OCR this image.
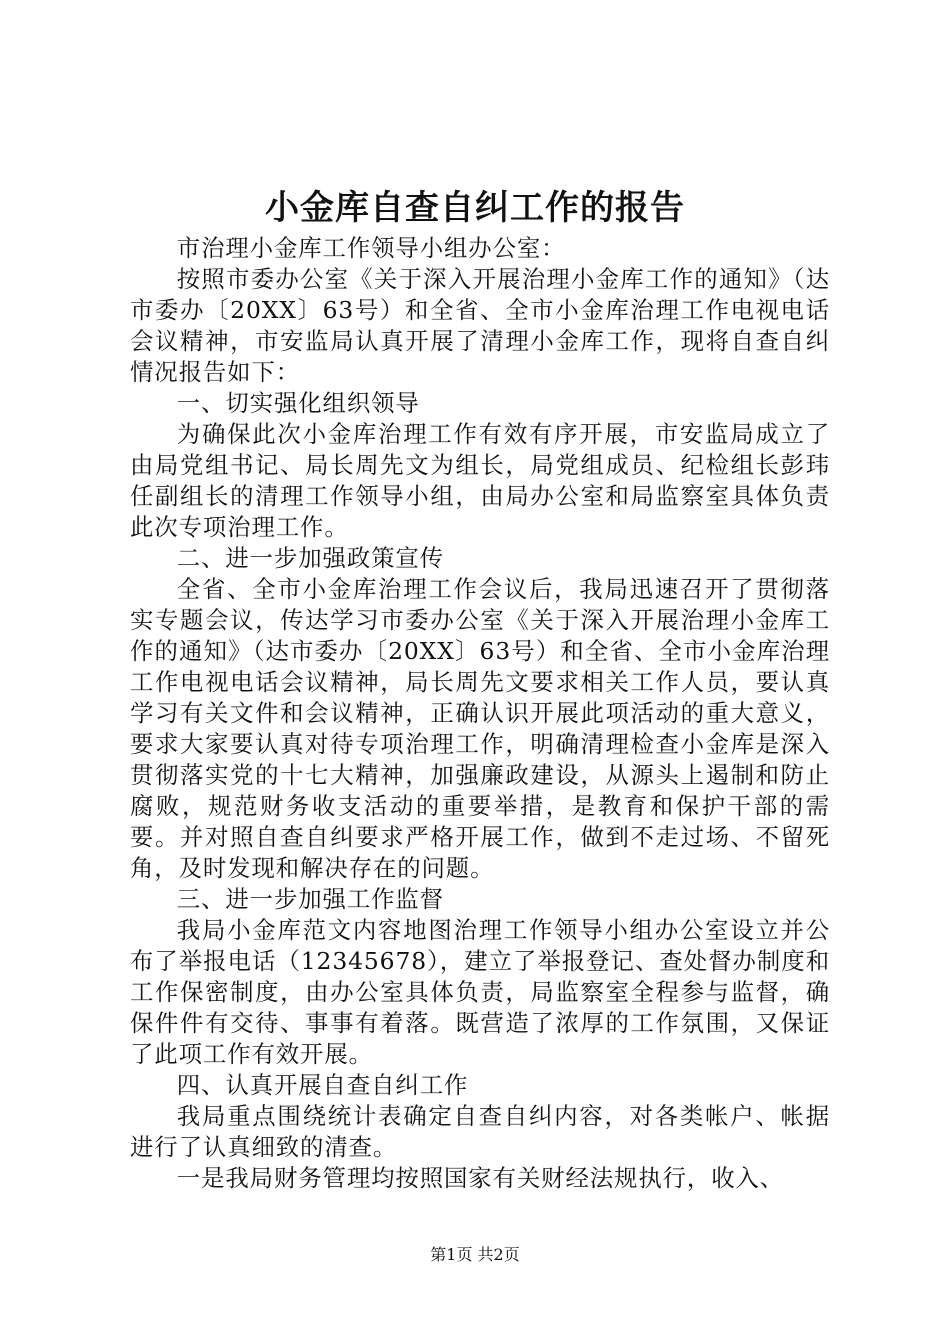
小金库自查自纠工作的报告

市治理小金库工作领导小组办公室：

按照市委办公室《关于深入开展治理小金库工作的通知》（达市委办〔20XX〕63号）和全省、全市小金库治理工作电视电话会议精神，市安监局认真开展了清理小金库工作，现将自查自纠情况报告如下：

一、切实强化组织领导

为确保此次小金库治理工作有效有序开展，市安监局成立了由局党组书记、局长周先文为组长，局党组成员、纪检组长彭玮任副组长的清理工作领导小组，由局办公室和局监察室具体负责此次专项治理工作。

二、进一步加强政策宣传

全省、全市小金库治理工作会议后，我局迅速召开了贯彻落实专题会议，传达学习市委办公室《关于深入开展治理小金库工作的通知》（达市委办〔20XX〕63号）和全省、全市小金库治理工作电视电话会议精神，局长周先文要求相关工作人员，要认真学习有关文件和会议精神，正确认识开展此项活动的重大意义，要求大家要认真对待专项治理工作，明确清理检查小金库是深入贯彻落实党的十七大精神，加强廉政建设，从源头上遏制和防止腐败，规范财务收支活动的重要举措，是教育和保护干部的需要。并对照自查自纠要求严格开展工作，做到不走过场、不留死角，及时发现和解决存在的问题。

三、进一步加强工作监督

我局小金库范文内容地图治理工作领导小组办公室设立并公布了举报电话（12345678），建立了举报登记、查处督办制度和工作保密制度，由办公室具体负责，局监察室全程参与监督，确保件件有交待、事事有着落。既营造了浓厚的工作氛围，又保证了此项工作有效开展。

四、认真开展自查自纠工作

我局重点围绕统计表确定自查自纠内容，对各类帐户、帐据进行了认真细致的清查。

一是我局财务管理均按照国家有关财经法规执行，收入、

第1页 共2页
